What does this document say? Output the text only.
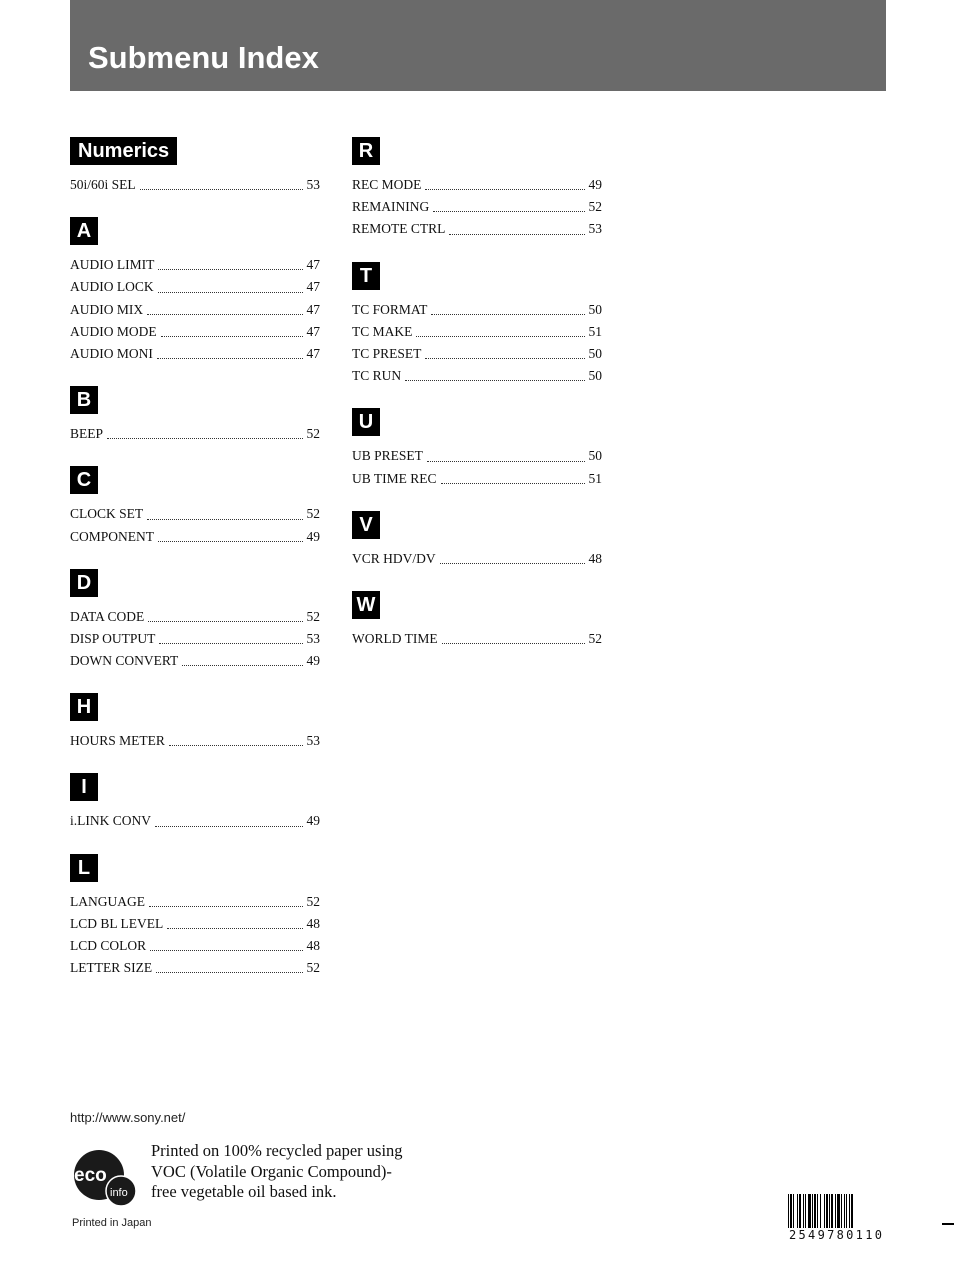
Submenu Index
Numerics
50i/60i SEL	53
A
AUDIO LIMIT	47
AUDIO LOCK	47
AUDIO MIX	47
AUDIO MODE	47
AUDIO MONI	47
B
BEEP	52
C
CLOCK SET	52
COMPONENT	49
D
DATA CODE	52
DISP OUTPUT	53
DOWN CONVERT	49
H
HOURS METER	53
I
i.LINK CONV	49
L
LANGUAGE	52
LCD BL LEVEL	48
LCD COLOR	48
LETTER SIZE	52
R
REC MODE	49
REMAINING	52
REMOTE CTRL	53
T
TC FORMAT	50
TC MAKE	51
TC PRESET	50
TC RUN	50
U
UB PRESET	50
UB TIME REC	51
V
VCR HDV/DV	48
W
WORLD TIME	52
http://www.sony.net/
eco
info
Printed on 100% recycled paper using
VOC (Volatile Organic Compound)-
free vegetable oil based ink.
Printed in Japan
2549780110
